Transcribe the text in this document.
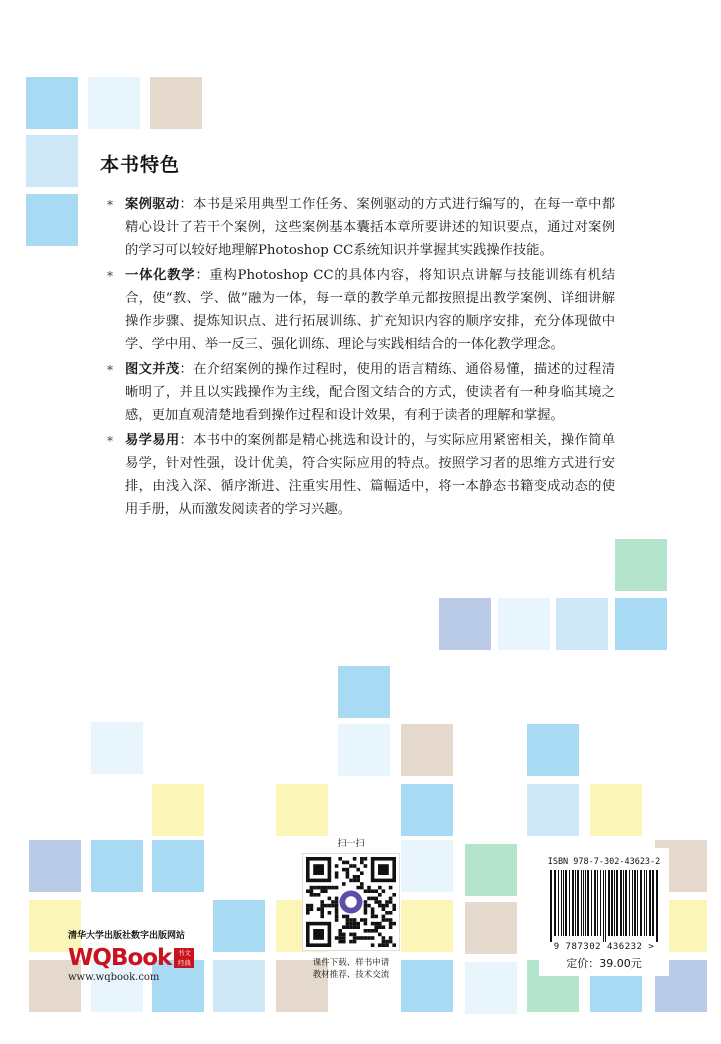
本书特色
* 案例驱动：本书是采用典型工作任务、案例驱动的方式进行编写的，在每一章中都精心设计了若干个案例，这些案例基本囊括本章所要讲述的知识要点，通过对案例的学习可以较好地理解Photoshop CC系统知识并掌握其实践操作技能。
* 一体化教学：重构Photoshop CC的具体内容，将知识点讲解与技能训练有机结合，使“教、学、做”融为一体，每一章的教学单元都按照提出教学案例、详细讲解操作步骤、提炼知识点、进行拓展训练、扩充知识内容的顺序安排，充分体现做中学、学中用、举一反三、强化训练、理论与实践相结合的一体化教学理念。
* 图文并茂：在介绍案例的操作过程时，使用的语言精练、通俗易懂，描述的过程清晰明了，并且以实践操作为主线，配合图文结合的方式，使读者有一种身临其境之感，更加直观清楚地看到操作过程和设计效果，有利于读者的理解和掌握。
* 易学易用：本书中的案例都是精心挑选和设计的，与实际应用紧密相关，操作简单易学，针对性强，设计优美，符合实际应用的特点。按照学习者的思维方式进行安排，由浅入深、循序渐进、注重实用性、篇幅适中，将一本静态书籍变成动态的使用手册，从而激发阅读者的学习兴趣。
清华大学出版社数字出版网站
WQBook	书文
经典
www.wqbook.com
扫一扫
课件下载、样书申请
教材推荐、技术交流
ISBN 978-7-302-43623-2
9 787302 436232 >
定价：39.00元
